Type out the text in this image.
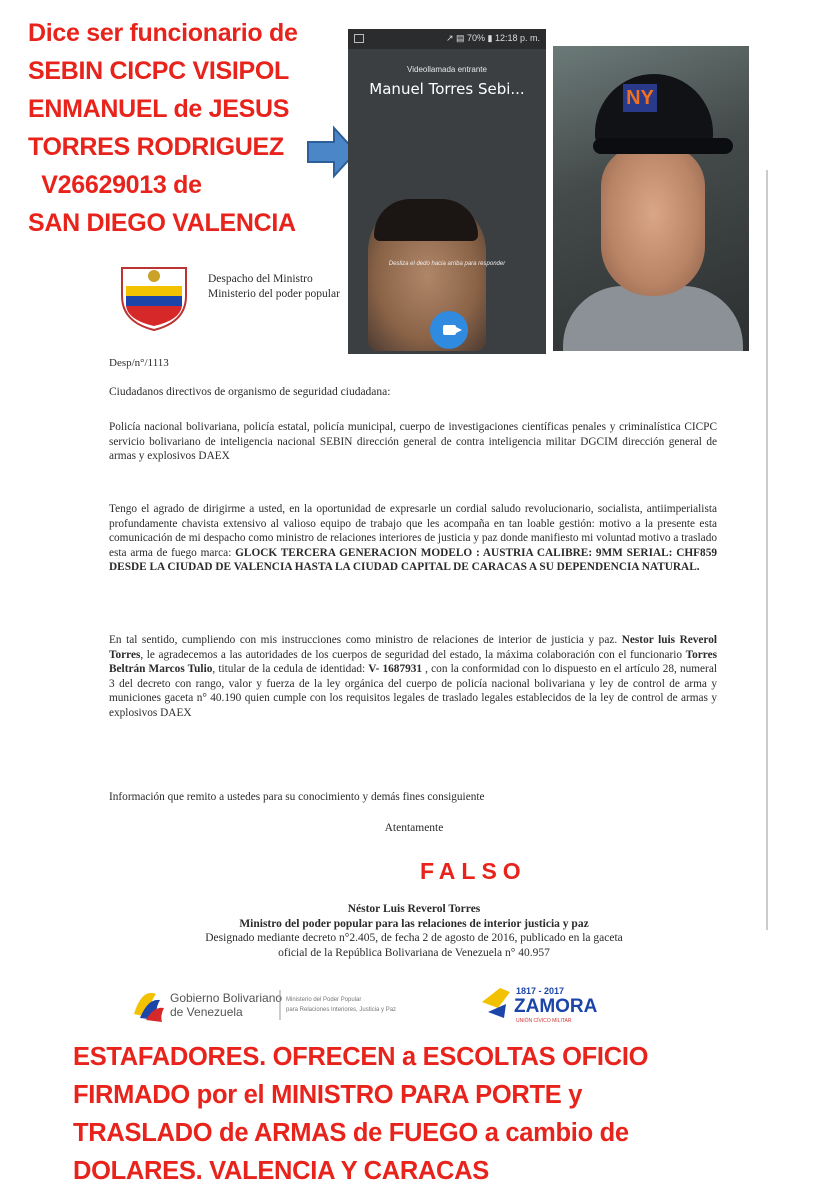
Dice ser funcionario de
SEBIN CICPC VISIPOL
ENMANUEL de JESUS
TORRES RODRIGUEZ
V26629013 de
SAN DIEGO VALENCIA
↗ ▤ 70% ▮ 12:18 p. m.
Videollamada entrante
Manuel Torres Sebi...
Desliza el dedo hacia arriba para responder
NY
Despacho del Ministro
Ministerio del poder popular
Desp/n°/1113
Ciudadanos directivos de organismo de seguridad ciudadana:
Policía nacional bolivariana, policía estatal, policía municipal, cuerpo de investigaciones científicas penales y criminalística CICPC servicio bolivariano de inteligencia nacional SEBIN dirección general de contra inteligencia militar DGCIM dirección general de armas y explosivos DAEX
Tengo el agrado de dirigirme a usted, en la oportunidad de expresarle un cordial saludo revolucionario, socialista, antiimperialista profundamente chavista extensivo al valioso equipo de trabajo que les acompaña en tan loable gestión: motivo a la presente esta comunicación de mi despacho como ministro de relaciones interiores de justicia y paz donde manifiesto mi voluntad motivo a traslado esta arma de fuego marca: GLOCK TERCERA GENERACION MODELO : AUSTRIA CALIBRE: 9MM SERIAL: CHF859 DESDE LA CIUDAD DE VALENCIA HASTA LA CIUDAD CAPITAL DE CARACAS A SU DEPENDENCIA NATURAL.
En tal sentido, cumpliendo con mis instrucciones como ministro de relaciones de interior de justicia y paz. Nestor luis Reverol Torres, le agradecemos a las autoridades de los cuerpos de seguridad del estado, la máxima colaboración con el funcionario Torres Beltrán Marcos Tulio, titular de la cedula de identidad: V- 1687931 , con la conformidad con lo dispuesto en el artículo 28, numeral 3 del decreto con rango, valor y fuerza de la ley orgánica del cuerpo de policía nacional bolivariana y ley de control de arma y municiones gaceta n° 40.190 quien cumple con los requisitos legales de traslado legales establecidos de la ley de control de armas y explosivos DAEX
Información que remito a ustedes para su conocimiento y demás fines consiguiente
Atentamente
Néstor Luis Reverol Torres
Ministro del poder popular para las relaciones de interior justicia y paz
Designado mediante decreto n°2.405, de fecha 2 de agosto de 2016, publicado en la gaceta
oficial de la República Bolivariana de Venezuela n° 40.957
FALSO
Gobierno Bolivariano
de Venezuela
Ministerio del Poder Popular
para Relaciones Interiores, Justicia y Paz
1817 - 2017
ZAMORA
UNIÓN CÍVICO MILITAR
ESTAFADORES. OFRECEN a ESCOLTAS OFICIO
FIRMADO por el MINISTRO PARA PORTE y
TRASLADO de ARMAS de FUEGO a cambio de
DOLARES. VALENCIA Y CARACAS
